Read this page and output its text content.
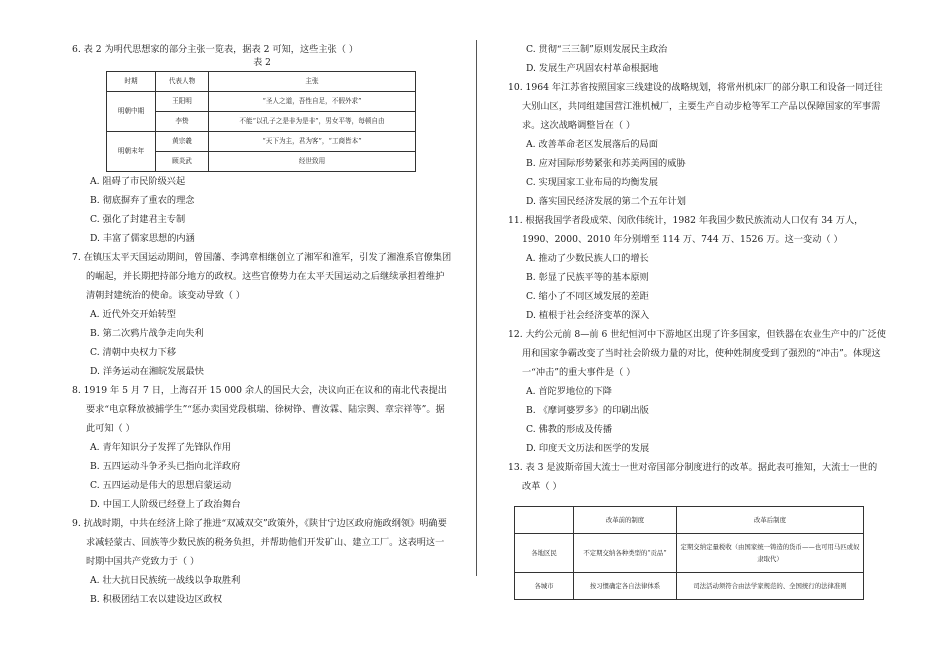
6. 表 2 为明代思想家的部分主张一览表，据表 2 可知，这些主张（ ）
表 2
时期	代表人物	主张
明朝中期	王阳明	“圣人之道，吾性自足，不假外求”
	李贽	不能“以孔子之是非为是非”，男女平等，每顿自由
明朝末年	黄宗羲	“天下为主，君为客”，“工商皆本”
	顾炎武	经世致用
A. 阻碍了市民阶级兴起
B. 彻底摒弃了重农的理念
C. 强化了封建君主专制
D. 丰富了儒家思想的内涵
7. 在镇压太平天国运动期间，曾国藩、李鸿章相继创立了湘军和淮军，引发了湘淮系官僚集团的崛起，并长期把持部分地方的政权。这些官僚势力在太平天国运动之后继续承担着维护清朝封建统治的使命。该变动导致（ ）
A. 近代外交开始转型
B. 第二次鸦片战争走向失利
C. 清朝中央权力下移
D. 洋务运动在湘皖发展最快
8. 1919 年 5 月 7 日，上海召开 15 000 余人的国民大会，决议向正在议和的南北代表提出要求“电京释放被捕学生”“惩办卖国党段棋瑞、徐树铮、曹汝霖、陆宗舆、章宗祥等”。据此可知（ ）
A. 青年知识分子发挥了先锋队作用
B. 五四运动斗争矛头已指向北洋政府
C. 五四运动是伟大的思想启蒙运动
D. 中国工人阶级已经登上了政治舞台
9. 抗战时期，中共在经济上除了推进“双减双交”政策外，《陕甘宁边区政府施政纲领》明确要求减轻蒙古、回族等少数民族的税务负担，并帮助他们开发矿山、建立工厂。这表明这一时期中国共产党致力于（ ）
A. 壮大抗日民族统一战线以争取胜利
B. 积极团结工农以建设边区政权
C. 贯彻“三三制”原则发展民主政治
D. 发展生产巩固农村革命根据地
10. 1964 年江苏省按照国家三线建设的战略规划，将常州机床厂的部分职工和设备一同迁往大别山区，共同组建国营江淮机械厂，主要生产自动步枪等军工产品以保障国家的军事需求。这次战略调整旨在（ ）
A. 改善革命老区发展落后的局面
B. 应对国际形势紧张和苏美两国的威胁
C. 实现国家工业布局的均衡发展
D. 落实国民经济发展的第二个五年计划
11. 根据我国学者段成荣、闵欣伟统计，1982 年我国少数民族流动人口仅有 34 万人，1990、2000、2010 年分别增至 114 万、744 万、1526 万。这一变动（ ）
A. 推动了少数民族人口的增长
B. 彰显了民族平等的基本原则
C. 缩小了不同区域发展的差距
D. 植根于社会经济变革的深入
12. 大约公元前 8—前 6 世纪恒河中下游地区出现了许多国家，但铁器在农业生产中的广泛使用和国家争霸改变了当时社会阶级力量的对比，使种姓制度受到了强烈的“冲击”。体现这一“冲击”的重大事件是（ ）
A. 首陀罗地位的下降
B. 《摩诃婆罗多》的印刷出版
C. 佛教的形成及传播
D. 印度天文历法和医学的发展
13. 表 3 是波斯帝国大流士一世对帝国部分制度进行的改革。据此表可推知，大流士一世的改革（ ）
	改革前的制度	改革后制度
各地区民	不定期交纳各种类型的“贡品”	定期交纳定量税收（由国家统一铸造的货币——也可用马匹或奴隶取代）
各城市	按习惯确定各自法律体系	司法活动须符合由法学家规范的、全国统行的法律准则
